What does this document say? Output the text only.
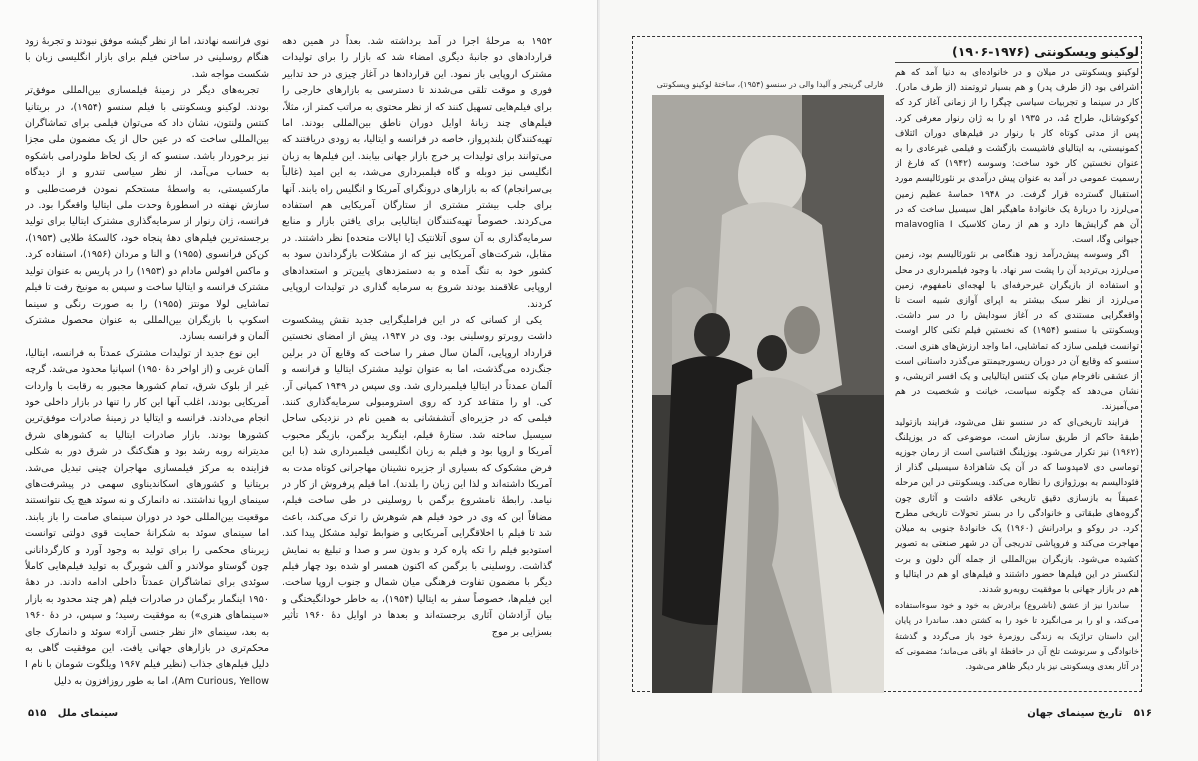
۱۹۵۲ به مرحلهٔ اجرا در آمد برداشته شد. بعداً در همین دهه قراردادهای دو جانبهٔ دیگری امضاء شد که بازار را برای تولیدات مشترک اروپایی باز نمود. این قراردادها در آغاز چیزی در حد تدابیر فوری و موقت تلقی می‌شدند تا دسترسی به بازارهای خارجی را برای فیلم‌هایی تسهیل کنند که از نظر محتوی به مراتب کمتر از، مثلاً، فیلم‌های چند زبانهٔ اوایل دوران ناطق بین‌المللی بودند. اما تهیه‌کنندگان بلندپرواز، خاصه در فرانسه و ایتالیا، به زودی دریافتند که می‌توانند برای تولیدات پر خرج بازار جهانی بیابند. این فیلم‌ها به زبان انگلیسی نیز دوبله و گاه فیلمبرداری می‌شد، به این امید (غالباً بی‌سرانجام) که به بازارهای درونگرای آمریکا و انگلیس راه یابند. آنها برای جلب بیشتر مشتری از ستارگان آمریکایی هم استفاده می‌کردند. خصوصاً تهیه‌کنندگان ایتالیایی برای یافتن بازار و منابع سرمایه‌گذاری به آن سوی آتلانتیک [یا ایالات متحده] نظر داشتند. در مقابل، شرکت‌های آمریکایی نیز که از مشکلات بازگرداندن سود به کشور خود به تنگ آمده و به دستمزدهای پایین‌تر و استعدادهای اروپایی علاقمند بودند شروع به سرمایه گذاری در تولیدات اروپایی کردند.

یکی از کسانی که در این فراملیگرایی جدید نقش پیشکسوت داشت روبرتو روسلینی بود. وی در ۱۹۴۷، پیش از امضای نخستین قرارداد اروپایی، آلمان سال صفر را ساخت که وقایع آن در برلین جنگ‌زده می‌گذشت، اما به عنوان تولید مشترک ایتالیا و فرانسه و آلمان عمدتاً در ایتالیا فیلمبرداری شد. وی سپس در ۱۹۴۹ کمپانی آر. کی. او را متقاعد کرد که روی استرومبولی سرمایه‌گذاری کنند. فیلمی که در جزیره‌ای آتشفشانی به همین نام در نزدیکی ساحل سیسیل ساخته شد. ستارهٔ فیلم، اینگرید برگمن، بازیگر محبوب آمریکا و اروپا بود و فیلم به زبان انگلیسی فیلمبرداری شد (با این فرض مشکوک که بسیاری از جزیره نشینان مهاجرانی کوتاه مدت به آمریکا داشته‌اند و لذا این زبان را بلدند). اما فیلم پرفروش از کار در نیامد. رابطهٔ نامشروع برگمن با روسلینی در طی ساخت فیلم، مضافاً این که وی در خود فیلم هم شوهرش را ترک می‌کند، باعث شد تا فیلم با اخلاقگرایی آمریکایی و ضوابط تولید مشکل پیدا کند. استودیو فیلم را تکه پاره کرد و بدون سر و صدا و تبلیغ به نمایش گذاشت. روسلینی با برگمن که اکنون همسر او شده بود چهار فیلم دیگر با مضمون تفاوت فرهنگی میان شمال و جنوب اروپا ساخت. این فیلم‌ها، خصوصاً سفر به ایتالیا (۱۹۵۴)، به خاطر خودانگیختگی و بیان آزادشان آثاری برجسته‌اند و بعدها در اوایل دهٔ ۱۹۶۰ تأثیر بسزایی بر موج

نوی فرانسه نهادند، اما از نظر گیشه موفق نبودند و تجربهٔ زود هنگام روسلینی در ساختن فیلم برای بازار انگلیسی زبان با شکست مواجه شد.

تجربه‌های دیگر در زمینهٔ فیلمسازی بین‌المللی موفق‌تر بودند. لوکینو ویسکونتی با فیلم سنسو (۱۹۵۴)، در بریتانیا کنتس ولنتون، نشان داد که می‌توان فیلمی برای تماشاگران بین‌المللی ساخت که در عین حال از یک مضمون ملی مجزا نیز برخوردار باشد. سنسو که از یک لحاظ ملودرامی باشکوه به حساب می‌آمد، از نظر سیاسی تندرو و از دیدگاه مارکسیستی، به واسطهٔ مستحکم نمودن فرصت‌طلبی و سازش نهفته در اسطورهٔ وحدت ملی ایتالیا واقعگرا بود. در فرانسه، ژان رنوار از سرمایه‌گذاری مشترک ایتالیا برای تولید برجسته‌ترین فیلم‌های دههٔ پنجاه خود، کالسکهٔ طلایی (۱۹۵۳)، کن‌کن فرانسوی (۱۹۵۵) و النا و مردان (۱۹۵۶)، استفاده کرد. و ماکس افولس مادام دو (۱۹۵۳) را در پاریس به عنوان تولید مشترک فرانسه و ایتالیا ساخت و سپس به مونیخ رفت تا فیلم تماشایی لولا مونتز (۱۹۵۵) را به صورت رنگی و سینما اسکوپ با بازیگران بین‌المللی به عنوان محصول مشترک آلمان و فرانسه بسازد.

این نوع جدید از تولیدات مشترک عمدتاً به فرانسه، ایتالیا، آلمان غربی و (از اواخر دهٔ ۱۹۵۰) اسپانیا محدود می‌شد. گرچه غیر از بلوک شرق، تمام کشورها مجبور به رقابت با واردات آمریکایی بودند، اغلب آنها این کار را تنها در بازار داخلی خود انجام می‌دادند. فرانسه و ایتالیا در زمینهٔ صادرات موفق‌ترین کشورها بودند. بازار صادرات ایتالیا به کشورهای شرق مدیترانه روبه رشد بود و هنگ‌کنگ در شرق دور به شکلی فزاینده به مرکز فیلمسازی مهاجران چینی تبدیل می‌شد. بریتانیا و کشورهای اسکاندیناوی سهمی در پیشرفت‌های سینمای اروپا نداشتند. نه دانمارک و نه سوئد هیچ یک نتوانستند موقعیت بین‌المللی خود در دوران سینمای صامت را باز یابند. اما سینمای سوئد به شکرانهٔ حمایت قوی دولتی توانست زیربنای محکمی را برای تولید به وجود آورد و کارگردانانی چون گوستاو مولاندر و آلف شوبرگ به تولید فیلم‌هایی کاملاً سوئدی برای تماشاگران عمدتاً داخلی ادامه دادند. در دههٔ ۱۹۵۰ اینگمار برگمان در صادرات فیلم (هر چند محدود به بازار «سینماهای هنری») به موفقیت رسید؛ و سپس، در دهٔ ۱۹۶۰ به بعد، سینمای «از نظر جنسی آزاد» سوئد و دانمارک جای محکم‌تری در بازارهای جهانی یافت. این موفقیت گاهی به دلیل فیلم‌های جذاب (نظیر فیلم ۱۹۶۷ ویلگوت شومان با نام I Am Curious, Yellow)، اما به طور روزافزون به دلیل

سینمای ملل ۵۱۵	۵۱۶ تاریخ سینمای جهان
فارلی گرینجر و آلیدا والی در سنسو (۱۹۵۴)، ساختهٔ لوکینو ویسکونتی
لوکینو ویسکونتی (۱۹۷۶-۱۹۰۶)

لوکینو ویسکونتی در میلان و در خانواده‌ای به دنیا آمد که هم اشرافی بود (از طرف پدر) و هم بسیار ثروتمند (از طرف مادر). کار در سینما و تجربیات سیاسی چپگرا را از زمانی آغاز کرد که کوکو‌شانل، طراح مُد، در ۱۹۳۵ او را به ژان رنوار معرفی کرد. پس از مدتی کوتاه کار با رنوار در فیلم‌های دوران ائتلاف کمونیستی، به ایتالیای فاشیست بازگشت و فیلمی غیرعادی را به عنوان نخستین کار خود ساخت: وسوسه (۱۹۴۲) که فارغ از رسمیت عمومی در آمد به عنوان پیش درآمدی بر نئورئالیسم مورد استقبال گسترده قرار گرفت. در ۱۹۴۸ حماسهٔ عظیم زمین می‌لرزد را دربارهٔ یک خانوادهٔ ماهیگیر اهل سیسیل ساخت که در آن هم گرایش‌ها دارد و هم از رمان کلاسیک malavoglia I جیوانی وِگا، است.

اگر وسوسه پیش‌درآمد زود هنگامی بر نئورئالیسم بود، زمین می‌لرزد بی‌تردید آن را پشت سر نهاد. با وجود فیلمبرداری در محل و استفاده از بازیگران غیرحرفه‌ای با لهجه‌ای نامفهوم، زمین می‌لرزد از نظر سبک بیشتر به اپرای آوازی شبیه است تا واقعگرایی مستندی که در آغاز سودایش را در سر داشت. ویسکونتی با سنسو (۱۹۵۴) که نخستین فیلم تکنی کالر اوست توانست فیلمی سازد که تماشایی، اما واجد ارزش‌های هنری است. سنسو که وقایع آن در دوران ریسورجیمنتو می‌گذرد داستانی است از عشقی نافرجام میان یک کنتس ایتالیایی و یک افسر اتریشی، و نشان می‌دهد که چگونه سیاست، خیانت و شخصیت در هم می‌آمیزند.

فرایند تاریخی‌ای که در سنسو نقل می‌شود، فرایند بازتولید طبقهٔ حاکم از طریق سازش است، موضوعی که در یوزپلنگ (۱۹۶۲) نیز تکرار می‌شود. یوزپلنگ اقتباسی است از رمان جوزپه توماسی دی لامپدوسا که در آن یک شاهزادهٔ سیسیلی گذار از فئودالیسم به بورژوازی را نظاره می‌کند. ویسکونتی در این مرحله عمیقاً به بازسازی دقیق تاریخی علاقه داشت و آثاری چون گروه‌های طبقاتی و خانوادگی را در بستر تحولات تاریخی مطرح کرد. در روکو و برادرانش (۱۹۶۰) یک خانوادهٔ جنوبی به میلان مهاجرت می‌کند و فروپاشی تدریجی آن در شهر صنعتی به تصویر کشیده می‌شود. بازیگران بین‌المللی از جمله آلن دلون و برت لنکستر در این فیلم‌ها حضور داشتند و فیلم‌های او هم در ایتالیا و هم در بازار جهانی با موفقیت روبه‌رو شدند.

ساندرا نیز از عشق (ناشروع) برادرش به خود و خود سوءاستفاده می‌کند، و او را بر می‌انگیزد تا خود را به کشتن دهد. ساندرا در پایان این داستان تراژیک به زندگی روزمرهٔ خود باز می‌گردد و گذشتهٔ خانوادگی و سرنوشت تلخ آن در حافظهٔ او باقی می‌ماند؛ مضمونی که در آثار بعدی ویسکونتی نیز بار دیگر ظاهر می‌شود.
